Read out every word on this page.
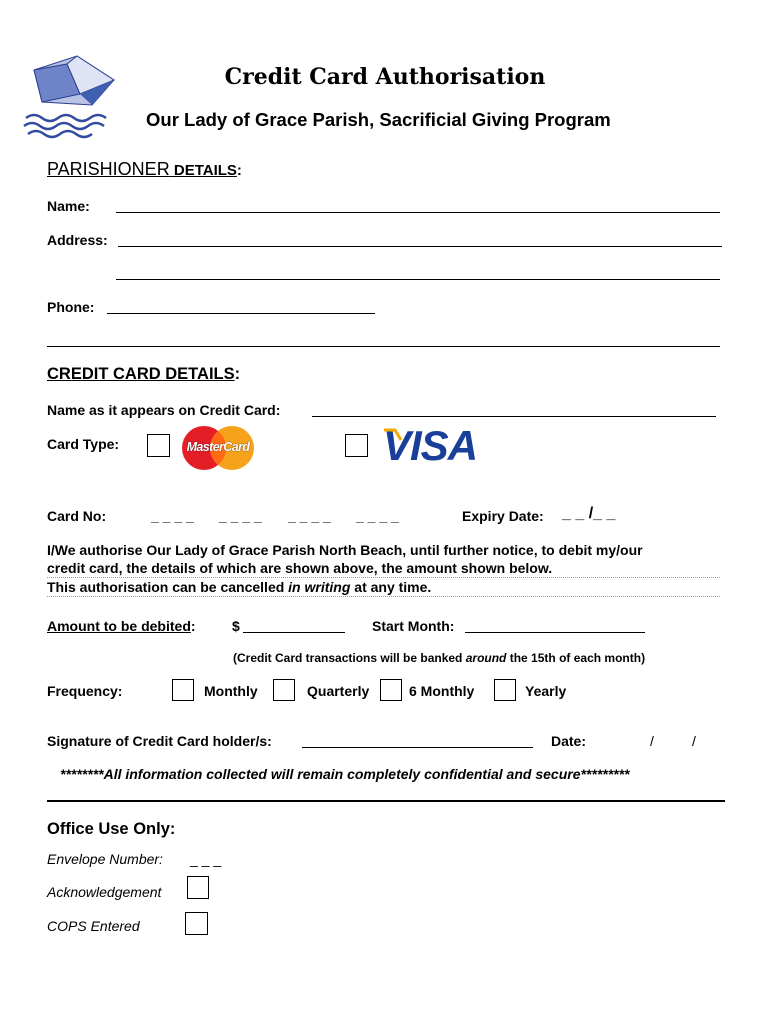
Credit Card Authorisation
Our Lady of Grace Parish, Sacrificial Giving Program
PARISHIONER DETAILS:
Name:
Address:
Phone:
CREDIT CARD DETAILS:
Name as it appears on Credit Card:
Card Type:	MasterCard	VISA
Card No:	_ _ _ _ _ _ _ _ _ _ _ _ _ _ _ _	Expiry Date: _ _ /_ _
I/We authorise Our Lady of Grace Parish North Beach, until further notice, to debit my/our
credit card, the details of which are shown above, the amount shown below.
This authorisation can be cancelled in writing at any time.
Amount to be debited:	$	Start Month:
(Credit Card transactions will be banked around the 15th of each month)
Frequency:	Monthly	Quarterly	6 Monthly	Yearly
Signature of Credit Card holder/s:	Date:	/	/
********All information collected will remain completely confidential and secure*********
Office Use Only:
Envelope Number: _ _ _
Acknowledgement
COPS Entered
